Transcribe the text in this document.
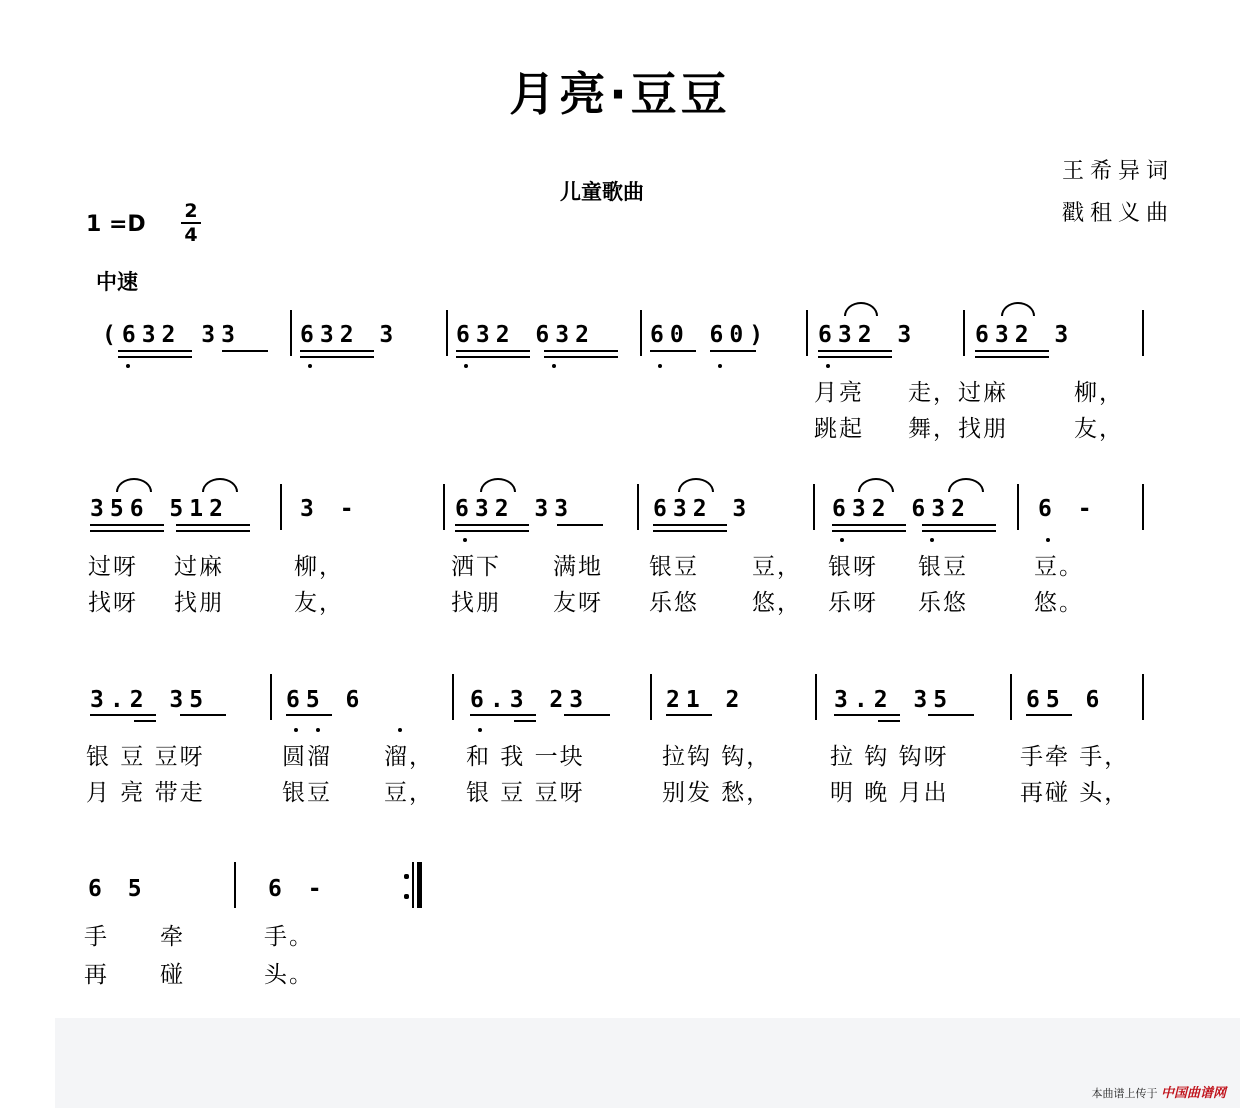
月亮·豆豆
儿童歌曲
王希异词
戳租义曲
1 =D
2
4
中速
(632 33	632 3 632 632 60 60) 632 3	632 3
月亮 走，过麻	柳，
跳起 舞，找朋	友，
356 512	3 -	632 33	632 3	632 632	6 -
过呀 过麻	柳，	洒下 满地 银豆 豆， 银呀 银豆	豆。
找呀 找朋	友，	找朋 友呀 乐悠 悠， 乐呀 乐悠	悠。
3.2 35	65 6	6.3 23	21 2	3.2 35	65 6
银 豆 豆呀	圆溜 溜， 和 我 一块	拉钩 钩，	拉 钩 钩呀	手牵 手，
月 亮 带走	银豆 豆， 银 豆 豆呀	别发 愁，	明 晚 月出	再碰 头，
6 5	6 -
手 牵	手。
再 碰	头。
本曲谱上传于 中国曲谱网
